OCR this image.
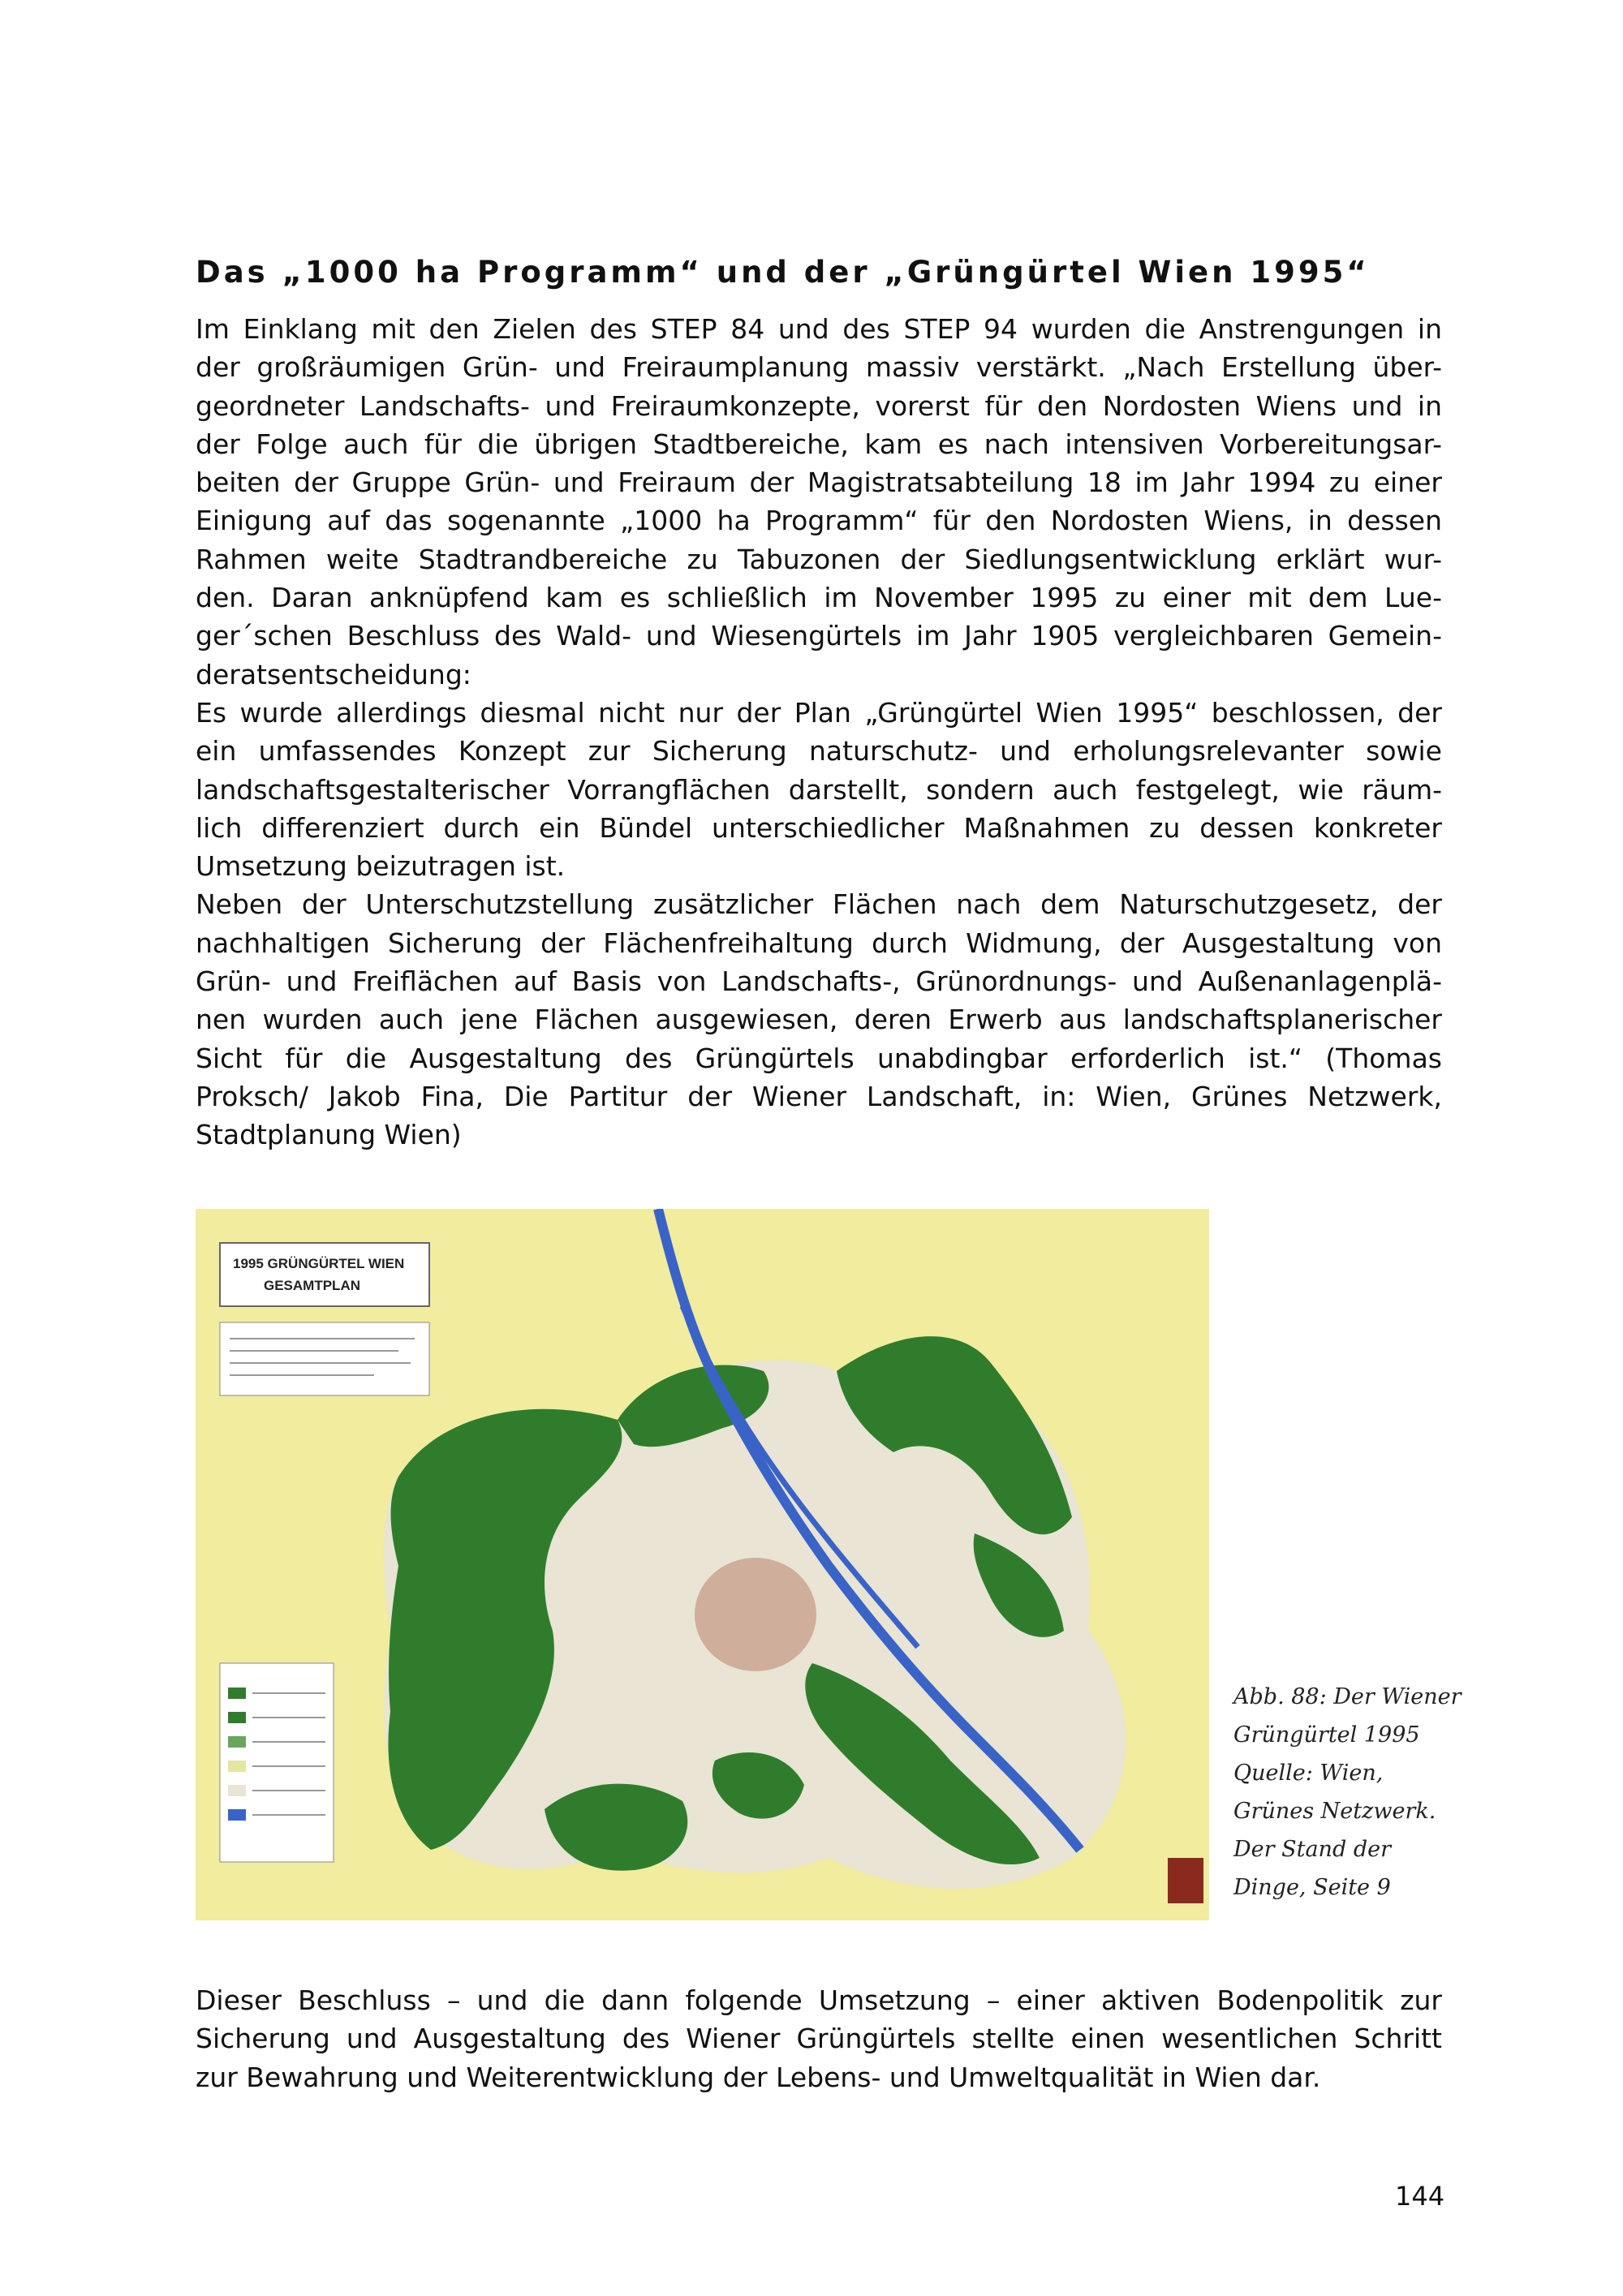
Das „1000 ha Programm“ und der „Grüngürtel Wien 1995“

Im Einklang mit den Zielen des STEP 84 und des STEP 94 wurden die Anstrengungen in
der großräumigen Grün- und Freiraumplanung massiv verstärkt. „Nach Erstellung über-
geordneter Landschafts- und Freiraumkonzepte, vorerst für den Nordosten Wiens und in
der Folge auch für die übrigen Stadtbereiche, kam es nach intensiven Vorbereitungsar-
beiten der Gruppe Grün- und Freiraum der Magistratsabteilung 18 im Jahr 1994 zu einer
Einigung auf das sogenannte „1000 ha Programm“ für den Nordosten Wiens, in dessen
Rahmen weite Stadtrandbereiche zu Tabuzonen der Siedlungsentwicklung erklärt wur-
den. Daran anknüpfend kam es schließlich im November 1995 zu einer mit dem Lue-
ger´schen Beschluss des Wald- und Wiesengürtels im Jahr 1905 vergleichbaren Gemein-
deratsentscheidung:

Es wurde allerdings diesmal nicht nur der Plan „Grüngürtel Wien 1995“ beschlossen, der
ein umfassendes Konzept zur Sicherung naturschutz- und erholungsrelevanter sowie
landschaftsgestalterischer Vorrangflächen darstellt, sondern auch festgelegt, wie räum-
lich differenziert durch ein Bündel unterschiedlicher Maßnahmen zu dessen konkreter
Umsetzung beizutragen ist.

Neben der Unterschutzstellung zusätzlicher Flächen nach dem Naturschutzgesetz, der
nachhaltigen Sicherung der Flächenfreihaltung durch Widmung, der Ausgestaltung von
Grün- und Freiflächen auf Basis von Landschafts-, Grünordnungs- und Außenanlagenplä-
nen wurden auch jene Flächen ausgewiesen, deren Erwerb aus landschaftsplanerischer
Sicht für die Ausgestaltung des Grüngürtels unabdingbar erforderlich ist.“ (Thomas
Proksch/ Jakob Fina, Die Partitur der Wiener Landschaft, in: Wien, Grünes Netzwerk,
Stadtplanung Wien)

1995 GRÜNGÜRTEL WIEN
GESAMTPLAN
Abb. 88: Der Wiener
Grüngürtel 1995
Quelle: Wien,
Grünes Netzwerk.
Der Stand der
Dinge, Seite 9

Dieser Beschluss – und die dann folgende Umsetzung – einer aktiven Bodenpolitik zur
Sicherung und Ausgestaltung des Wiener Grüngürtels stellte einen wesentlichen Schritt
zur Bewahrung und Weiterentwicklung der Lebens- und Umweltqualität in Wien dar.

144
